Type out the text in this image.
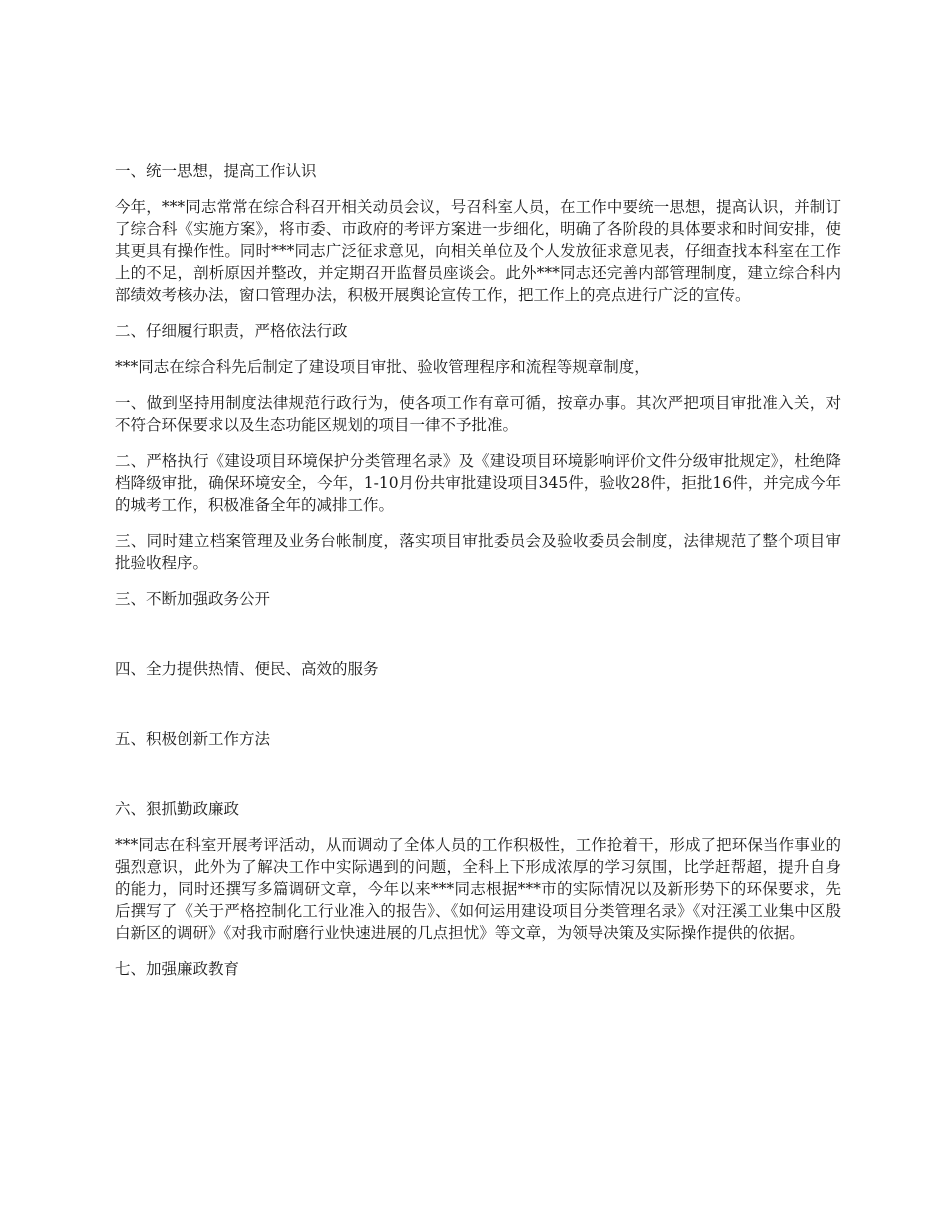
一、统一思想，提高工作认识
今年，***同志常常在综合科召开相关动员会议，号召科室人员，在工作中要统一思想，提高认识，并制订了综合科《实施方案》，将市委、市政府的考评方案进一步细化，明确了各阶段的具体要求和时间安排，使其更具有操作性。同时***同志广泛征求意见，向相关单位及个人发放征求意见表，仔细查找本科室在工作上的不足，剖析原因并整改，并定期召开监督员座谈会。此外***同志还完善内部管理制度，建立综合科内部绩效考核办法，窗口管理办法，积极开展舆论宣传工作，把工作上的亮点进行广泛的宣传。
二、仔细履行职责，严格依法行政
***同志在综合科先后制定了建设项目审批、验收管理程序和流程等规章制度，
一、做到坚持用制度法律规范行政行为，使各项工作有章可循，按章办事。其次严把项目审批准入关，对不符合环保要求以及生态功能区规划的项目一律不予批准。
二、严格执行《建设项目环境保护分类管理名录》及《建设项目环境影响评价文件分级审批规定》，杜绝降档降级审批，确保环境安全，今年，1-10月份共审批建设项目345件，验收28件，拒批16件，并完成今年的城考工作，积极准备全年的减排工作。
三、同时建立档案管理及业务台帐制度，落实项目审批委员会及验收委员会制度，法律规范了整个项目审批验收程序。
三、不断加强政务公开
四、全力提供热情、便民、高效的服务
五、积极创新工作方法
六、狠抓勤政廉政
***同志在科室开展考评活动，从而调动了全体人员的工作积极性，工作抢着干，形成了把环保当作事业的强烈意识，此外为了解决工作中实际遇到的问题，全科上下形成浓厚的学习氛围，比学赶帮超，提升自身的能力，同时还撰写多篇调研文章，今年以来***同志根据***市的实际情况以及新形势下的环保要求，先后撰写了《关于严格控制化工行业准入的报告》、《如何运用建设项目分类管理名录》《对汪溪工业集中区殷白新区的调研》《对我市耐磨行业快速进展的几点担忧》等文章，为领导决策及实际操作提供的依据。
七、加强廉政教育
